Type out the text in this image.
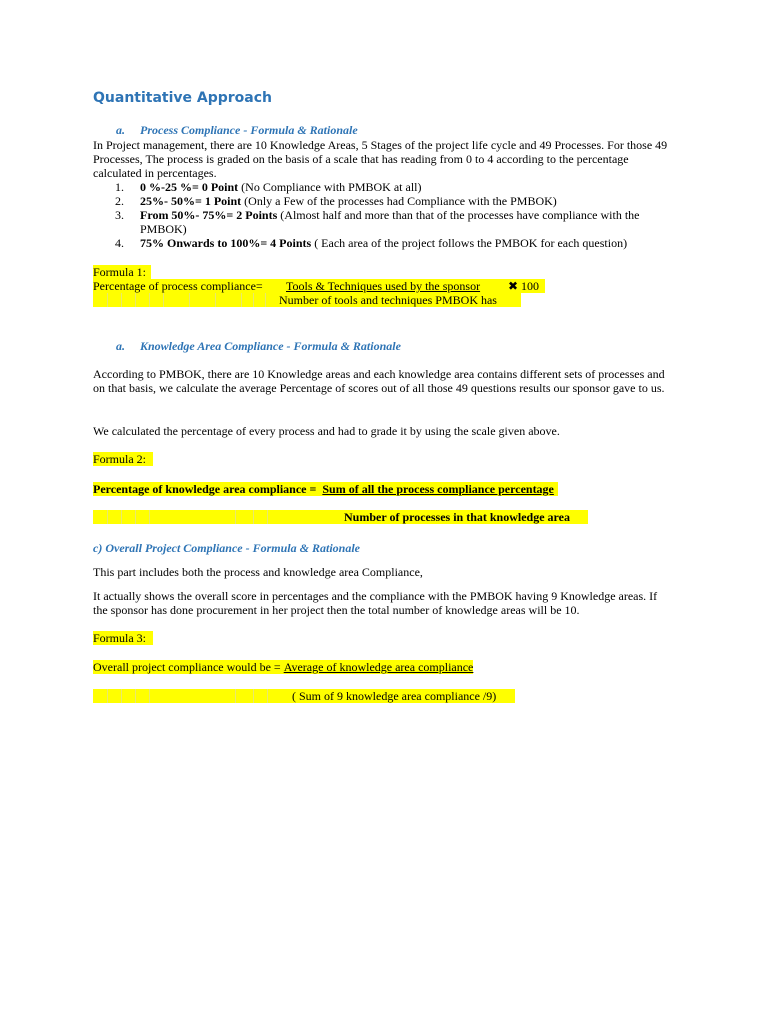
Quantitative Approach
a. Process Compliance - Formula & Rationale
In Project management, there are 10 Knowledge Areas, 5 Stages of the project life cycle and 49 Processes. For those 49 Processes, The process is graded on the basis of a scale that has reading from 0 to 4 according to the percentage calculated in percentages.
1. 0 %-25 %= 0 Point (No Compliance with PMBOK at all)
2. 25%- 50%= 1 Point (Only a Few of the processes had Compliance with the PMBOK)
3. From 50%- 75%= 2 Points (Almost half and more than that of the processes have compliance with the PMBOK)
4. 75% Onwards to 100%= 4 Points ( Each area of the project follows the PMBOK for each question)
Formula 1:
Percentage of process compliance= Tools & Techniques used by the sponsor ✖ 100
Number of tools and techniques PMBOK has
a. Knowledge Area Compliance - Formula & Rationale
According to PMBOK, there are 10 Knowledge areas and each knowledge area contains different sets of processes and on that basis, we calculate the average Percentage of scores out of all those 49 questions results our sponsor gave to us.
We calculated the percentage of every process and had to grade it by using the scale given above.
Formula 2:
Percentage of knowledge area compliance = Sum of all the process compliance percentage
Number of processes in that knowledge area
c) Overall Project Compliance - Formula & Rationale
This part includes both the process and knowledge area Compliance,
It actually shows the overall score in percentages and the compliance with the PMBOK having 9 Knowledge areas. If the sponsor has done procurement in her project then the total number of knowledge areas will be 10.
Formula 3:
Overall project compliance would be = Average of knowledge area compliance
( Sum of 9 knowledge area compliance /9)
